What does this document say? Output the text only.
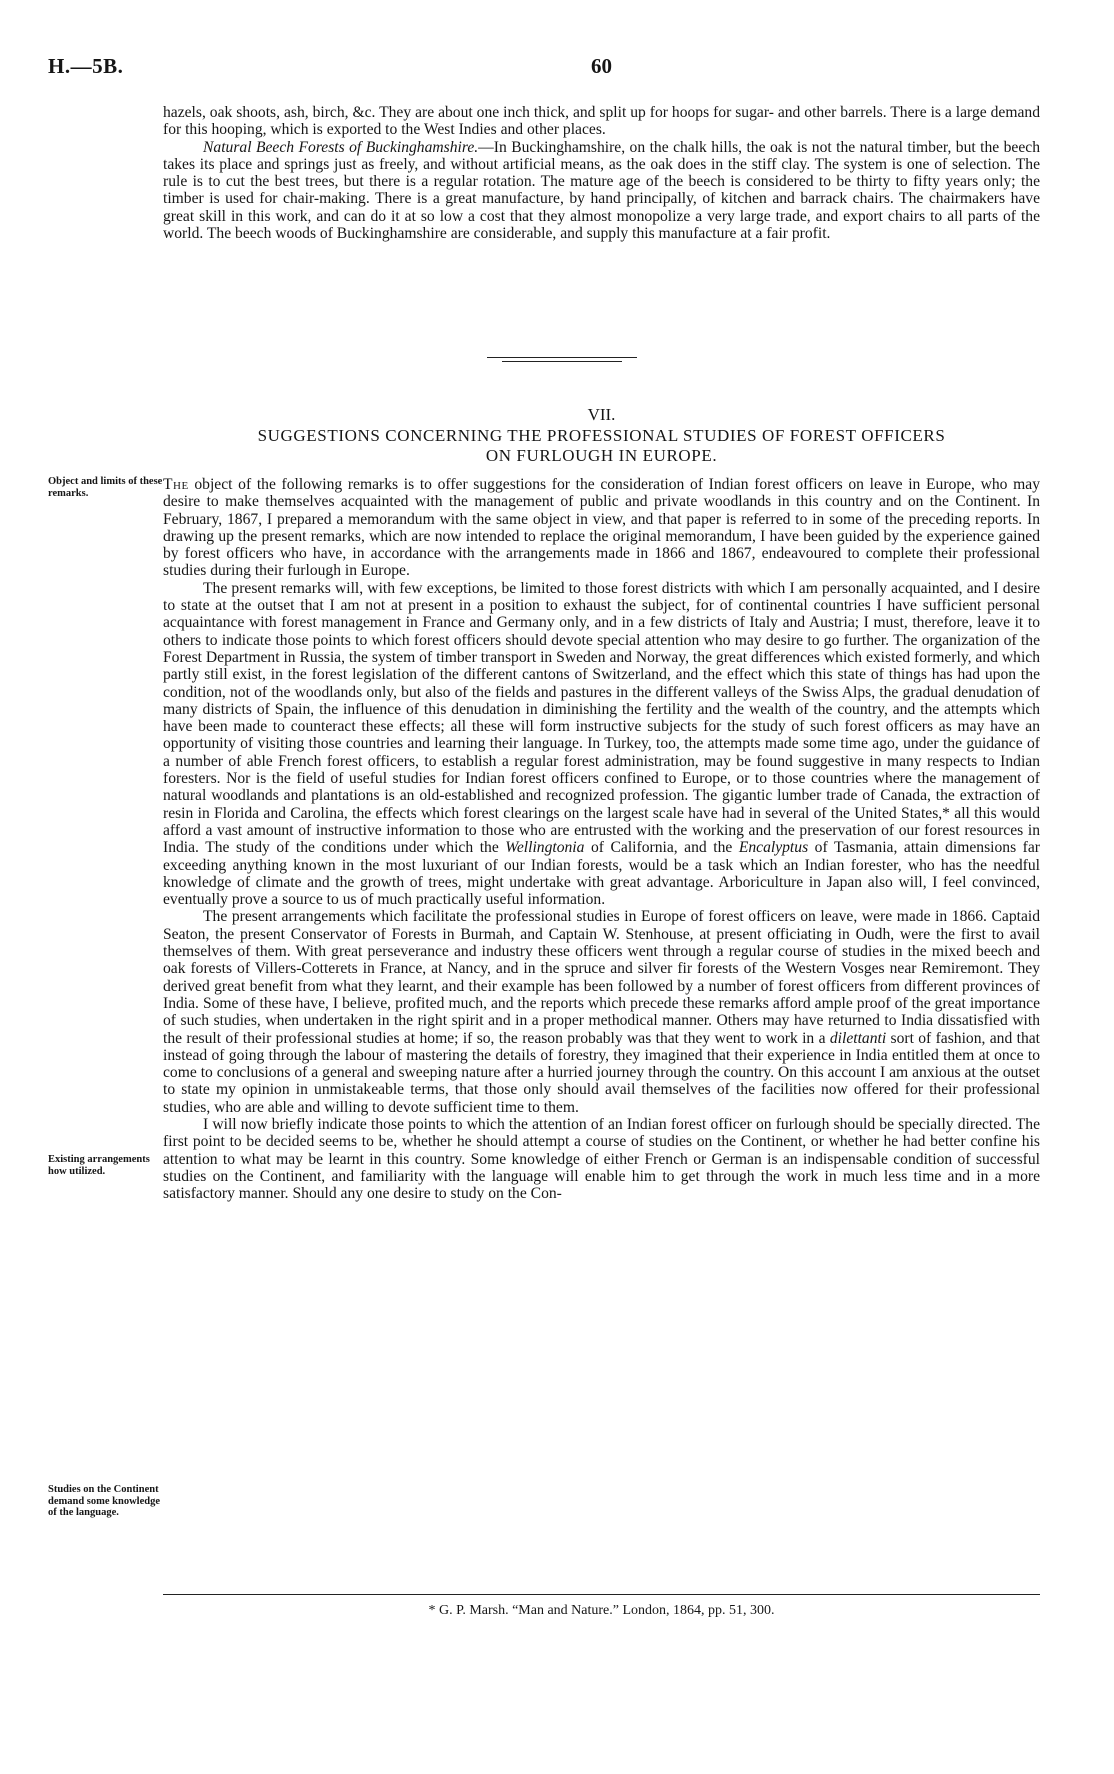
H.—5B.	60

hazels, oak shoots, ash, birch, &c. They are about one inch thick, and split up for hoops for sugar- and other barrels. There is a large demand for this hooping, which is exported to the West Indies and other places.

Natural Beech Forests of Buckinghamshire.—In Buckinghamshire, on the chalk hills, the oak is not the natural timber, but the beech takes its place and springs just as freely, and without artificial means, as the oak does in the stiff clay. The system is one of selection. The rule is to cut the best trees, but there is a regular rotation. The mature age of the beech is considered to be thirty to fifty years only; the timber is used for chair-making. There is a great manufacture, by hand principally, of kitchen and barrack chairs. The chairmakers have great skill in this work, and can do it at so low a cost that they almost monopolize a very large trade, and export chairs to all parts of the world. The beech woods of Buckinghamshire are considerable, and supply this manufacture at a fair profit.

VII.
SUGGESTIONS CONCERNING THE PROFESSIONAL STUDIES OF FOREST OFFICERS
ON FURLOUGH IN EUROPE.
Object and limits of these remarks.
Existing arrangements how utilized.
Studies on the Continent demand some knowledge of the language.

The object of the following remarks is to offer suggestions for the consideration of Indian forest officers on leave in Europe, who may desire to make themselves acquainted with the management of public and private woodlands in this country and on the Continent. In February, 1867, I prepared a memorandum with the same object in view, and that paper is referred to in some of the preceding reports. In drawing up the present remarks, which are now intended to replace the original memorandum, I have been guided by the experience gained by forest officers who have, in accordance with the arrangements made in 1866 and 1867, endeavoured to complete their professional studies during their furlough in Europe.

The present remarks will, with few exceptions, be limited to those forest districts with which I am personally acquainted, and I desire to state at the outset that I am not at present in a position to exhaust the subject, for of continental countries I have sufficient personal acquaintance with forest management in France and Germany only, and in a few districts of Italy and Austria; I must, therefore, leave it to others to indicate those points to which forest officers should devote special attention who may desire to go further. The organization of the Forest Department in Russia, the system of timber transport in Sweden and Norway, the great differences which existed formerly, and which partly still exist, in the forest legislation of the different cantons of Switzerland, and the effect which this state of things has had upon the condition, not of the woodlands only, but also of the fields and pastures in the different valleys of the Swiss Alps, the gradual denudation of many districts of Spain, the influence of this denudation in diminishing the fertility and the wealth of the country, and the attempts which have been made to counteract these effects; all these will form instructive subjects for the study of such forest officers as may have an opportunity of visiting those countries and learning their language. In Turkey, too, the attempts made some time ago, under the guidance of a number of able French forest officers, to establish a regular forest administration, may be found suggestive in many respects to Indian foresters. Nor is the field of useful studies for Indian forest officers confined to Europe, or to those countries where the management of natural woodlands and plantations is an old-established and recognized profession. The gigantic lumber trade of Canada, the extraction of resin in Florida and Carolina, the effects which forest clearings on the largest scale have had in several of the United States,* all this would afford a vast amount of instructive information to those who are entrusted with the working and the preservation of our forest resources in India. The study of the conditions under which the Wellingtonia of California, and the Encalyptus of Tasmania, attain dimensions far exceeding anything known in the most luxuriant of our Indian forests, would be a task which an Indian forester, who has the needful knowledge of climate and the growth of trees, might undertake with great advantage. Arboriculture in Japan also will, I feel convinced, eventually prove a source to us of much practically useful information.

The present arrangements which facilitate the professional studies in Europe of forest officers on leave, were made in 1866. Captaid Seaton, the present Conservator of Forests in Burmah, and Captain W. Stenhouse, at present officiating in Oudh, were the first to avail themselves of them. With great perseverance and industry these officers went through a regular course of studies in the mixed beech and oak forests of Villers-Cotterets in France, at Nancy, and in the spruce and silver fir forests of the Western Vosges near Remiremont. They derived great benefit from what they learnt, and their example has been followed by a number of forest officers from different provinces of India. Some of these have, I believe, profited much, and the reports which precede these remarks afford ample proof of the great importance of such studies, when undertaken in the right spirit and in a proper methodical manner. Others may have returned to India dissatisfied with the result of their professional studies at home; if so, the reason probably was that they went to work in a dilettanti sort of fashion, and that instead of going through the labour of mastering the details of forestry, they imagined that their experience in India entitled them at once to come to conclusions of a general and sweeping nature after a hurried journey through the country. On this account I am anxious at the outset to state my opinion in unmistakeable terms, that those only should avail themselves of the facilities now offered for their professional studies, who are able and willing to devote sufficient time to them.

I will now briefly indicate those points to which the attention of an Indian forest officer on furlough should be specially directed. The first point to be decided seems to be, whether he should attempt a course of studies on the Continent, or whether he had better confine his attention to what may be learnt in this country. Some knowledge of either French or German is an indispensable condition of successful studies on the Continent, and familiarity with the language will enable him to get through the work in much less time and in a more satisfactory manner. Should any one desire to study on the Con-

* G. P. Marsh. “Man and Nature.” London, 1864, pp. 51, 300.
